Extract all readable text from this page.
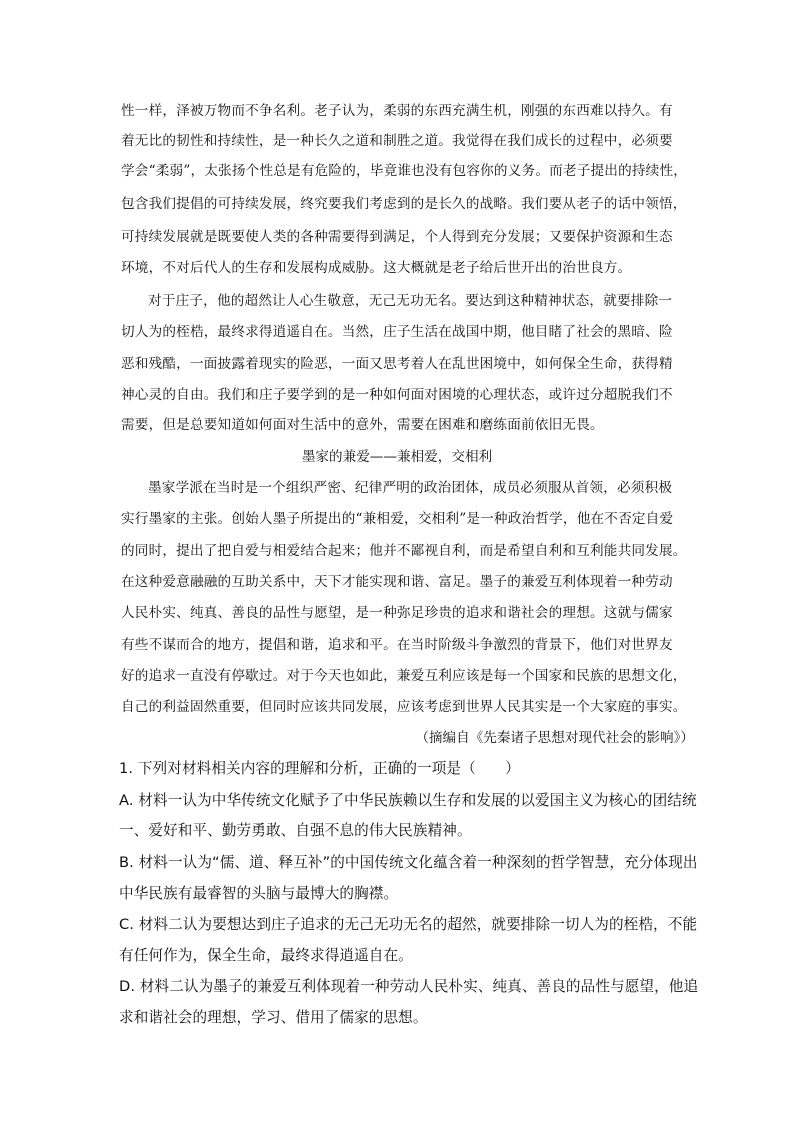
性一样，泽被万物而不争名利。老子认为，柔弱的东西充满生机，刚强的东西难以持久。有
着无比的韧性和持续性，是一种长久之道和制胜之道。我觉得在我们成长的过程中，必须要
学会“柔弱”，太张扬个性总是有危险的，毕竟谁也没有包容你的义务。而老子提出的持续性，
包含我们提倡的可持续发展，终究要我们考虑到的是长久的战略。我们要从老子的话中领悟，
可持续发展就是既要使人类的各种需要得到满足，个人得到充分发展；又要保护资源和生态
环境，不对后代人的生存和发展构成威胁。这大概就是老子给后世开出的治世良方。
对于庄子，他的超然让人心生敬意，无己无功无名。要达到这种精神状态，就要排除一
切人为的桎梏，最终求得逍遥自在。当然，庄子生活在战国中期，他目睹了社会的黑暗、险
恶和残酷，一面披露着现实的险恶，一面又思考着人在乱世困境中，如何保全生命，获得精
神心灵的自由。我们和庄子要学到的是一种如何面对困境的心理状态，或许过分超脱我们不
需要，但是总要知道如何面对生活中的意外，需要在困难和磨练面前依旧无畏。
墨家的兼爱——兼相爱，交相利
墨家学派在当时是一个组织严密、纪律严明的政治团体，成员必须服从首领，必须积极
实行墨家的主张。创始人墨子所提出的“兼相爱，交相利”是一种政治哲学，他在不否定自爱
的同时，提出了把自爱与相爱结合起来；他并不鄙视自利，而是希望自利和互利能共同发展。
在这种爱意融融的互助关系中，天下才能实现和谐、富足。墨子的兼爱互利体现着一种劳动
人民朴实、纯真、善良的品性与愿望，是一种弥足珍贵的追求和谐社会的理想。这就与儒家
有些不谋而合的地方，提倡和谐，追求和平。在当时阶级斗争激烈的背景下，他们对世界友
好的追求一直没有停歇过。对于今天也如此，兼爱互利应该是每一个国家和民族的思想文化，
自己的利益固然重要，但同时应该共同发展，应该考虑到世界人民其实是一个大家庭的事实。
（摘编自《先秦诸子思想对现代社会的影响》）
1. 下列对材料相关内容的理解和分析，正确的一项是（　　）
A. 材料一认为中华传统文化赋予了中华民族赖以生存和发展的以爱国主义为核心的团结统
一、爱好和平、勤劳勇敢、自强不息的伟大民族精神。
B. 材料一认为“儒、道、释互补”的中国传统文化蕴含着一种深刻的哲学智慧，充分体现出
中华民族有最睿智的头脑与最博大的胸襟。
C. 材料二认为要想达到庄子追求的无己无功无名的超然，就要排除一切人为的桎梏，不能
有任何作为，保全生命，最终求得逍遥自在。
D. 材料二认为墨子的兼爱互利体现着一种劳动人民朴实、纯真、善良的品性与愿望，他追
求和谐社会的理想，学习、借用了儒家的思想。
